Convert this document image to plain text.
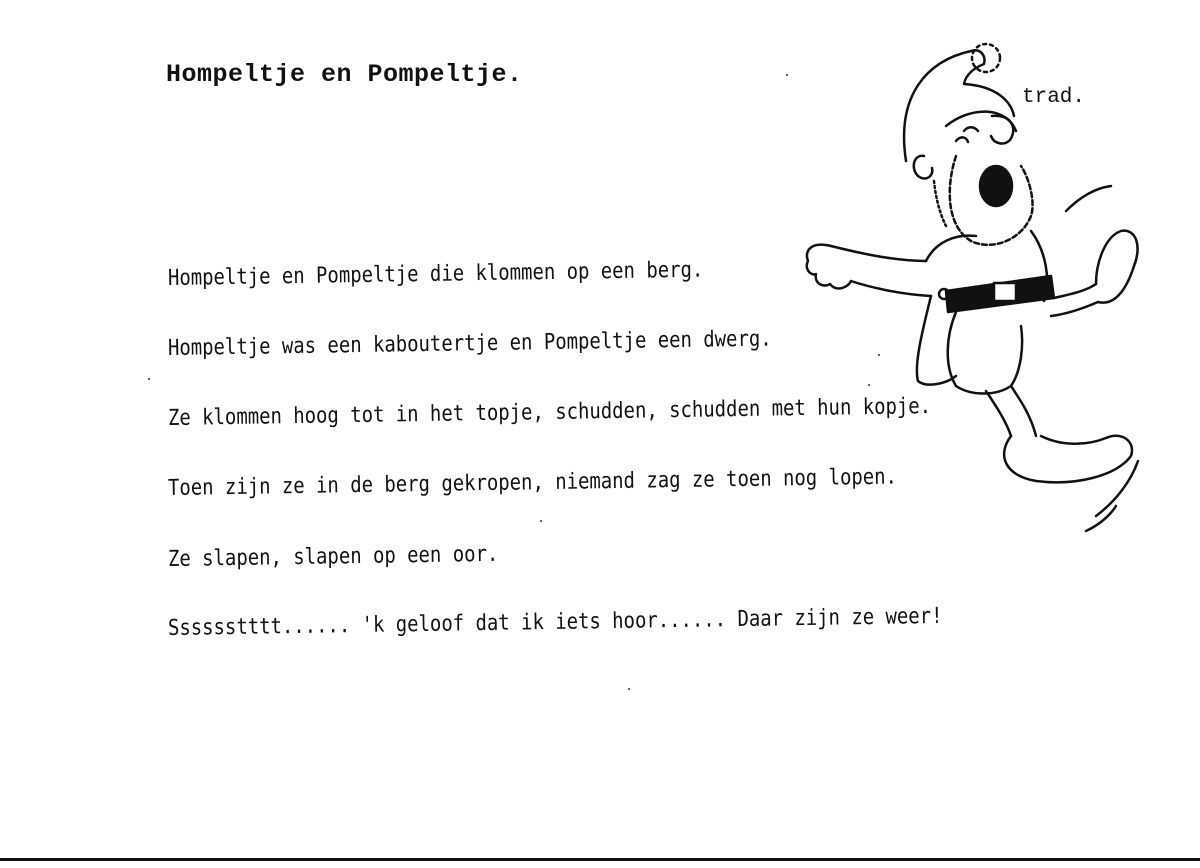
Hompeltje en Pompeltje.
trad.
Hompeltje en Pompeltje die klommen op een berg.
Hompeltje was een kaboutertje en Pompeltje een dwerg.
Ze klommen hoog tot in het topje, schudden, schudden met hun kopje.
Toen zijn ze in de berg gekropen, niemand zag ze toen nog lopen.
Ze slapen, slapen op een oor.
Sssssstttt...... 'k geloof dat ik iets hoor...... Daar zijn ze weer!
